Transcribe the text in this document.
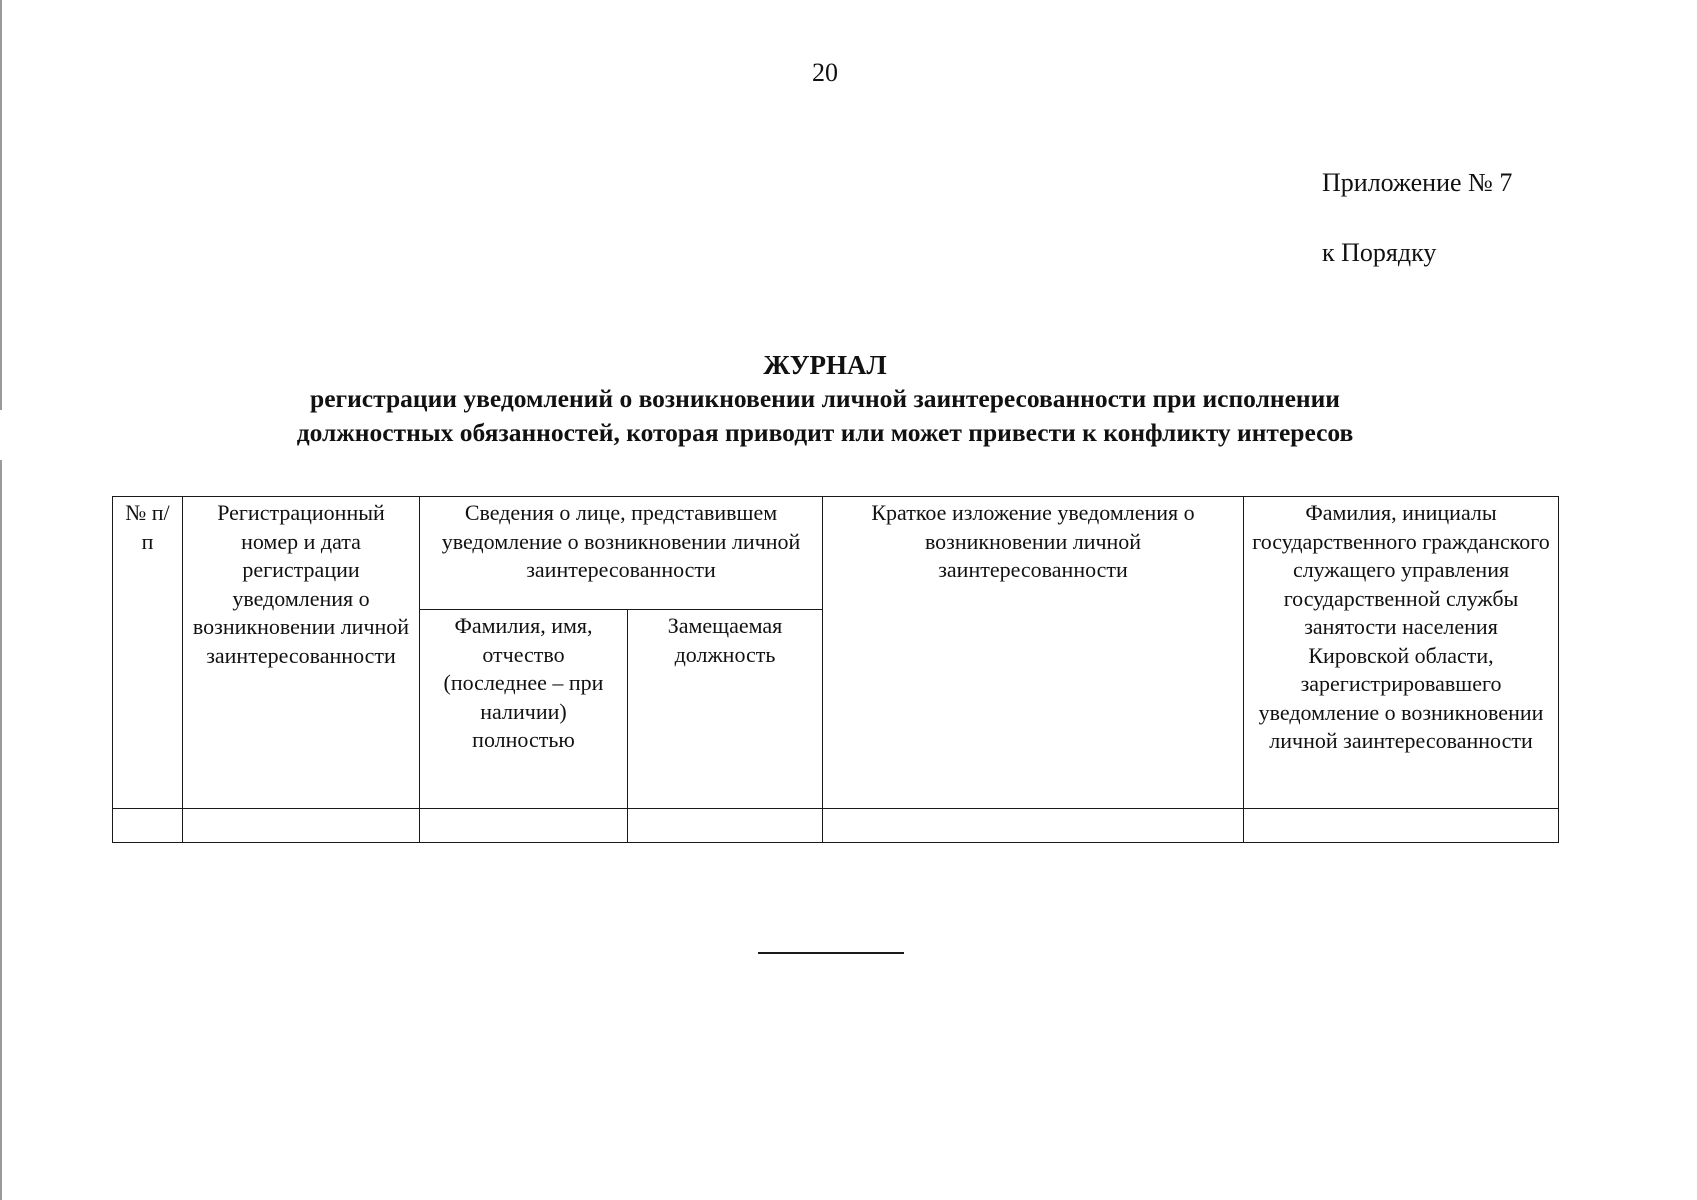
20
Приложение № 7
к Порядку
ЖУРНАЛ
регистрации уведомлений о возникновении личной заинтересованности при исполнении
должностных обязанностей, которая приводит или может привести к конфликту интересов
№ п/п	Регистрационный номер и дата регистрации уведомления о возникновении личной заинтересованности	Сведения о лице, представившем уведомление о возникновении личной заинтересованности		Краткое изложение уведомления о возникновении личной заинтересованности	Фамилия, инициалы государственного гражданского служащего управления государственной службы занятости населения Кировской области, зарегистрировавшего уведомление о возникновении личной заинтересованности
		Фамилия, имя, отчество (последнее – при наличии) полностью	Замещаемая должность		
